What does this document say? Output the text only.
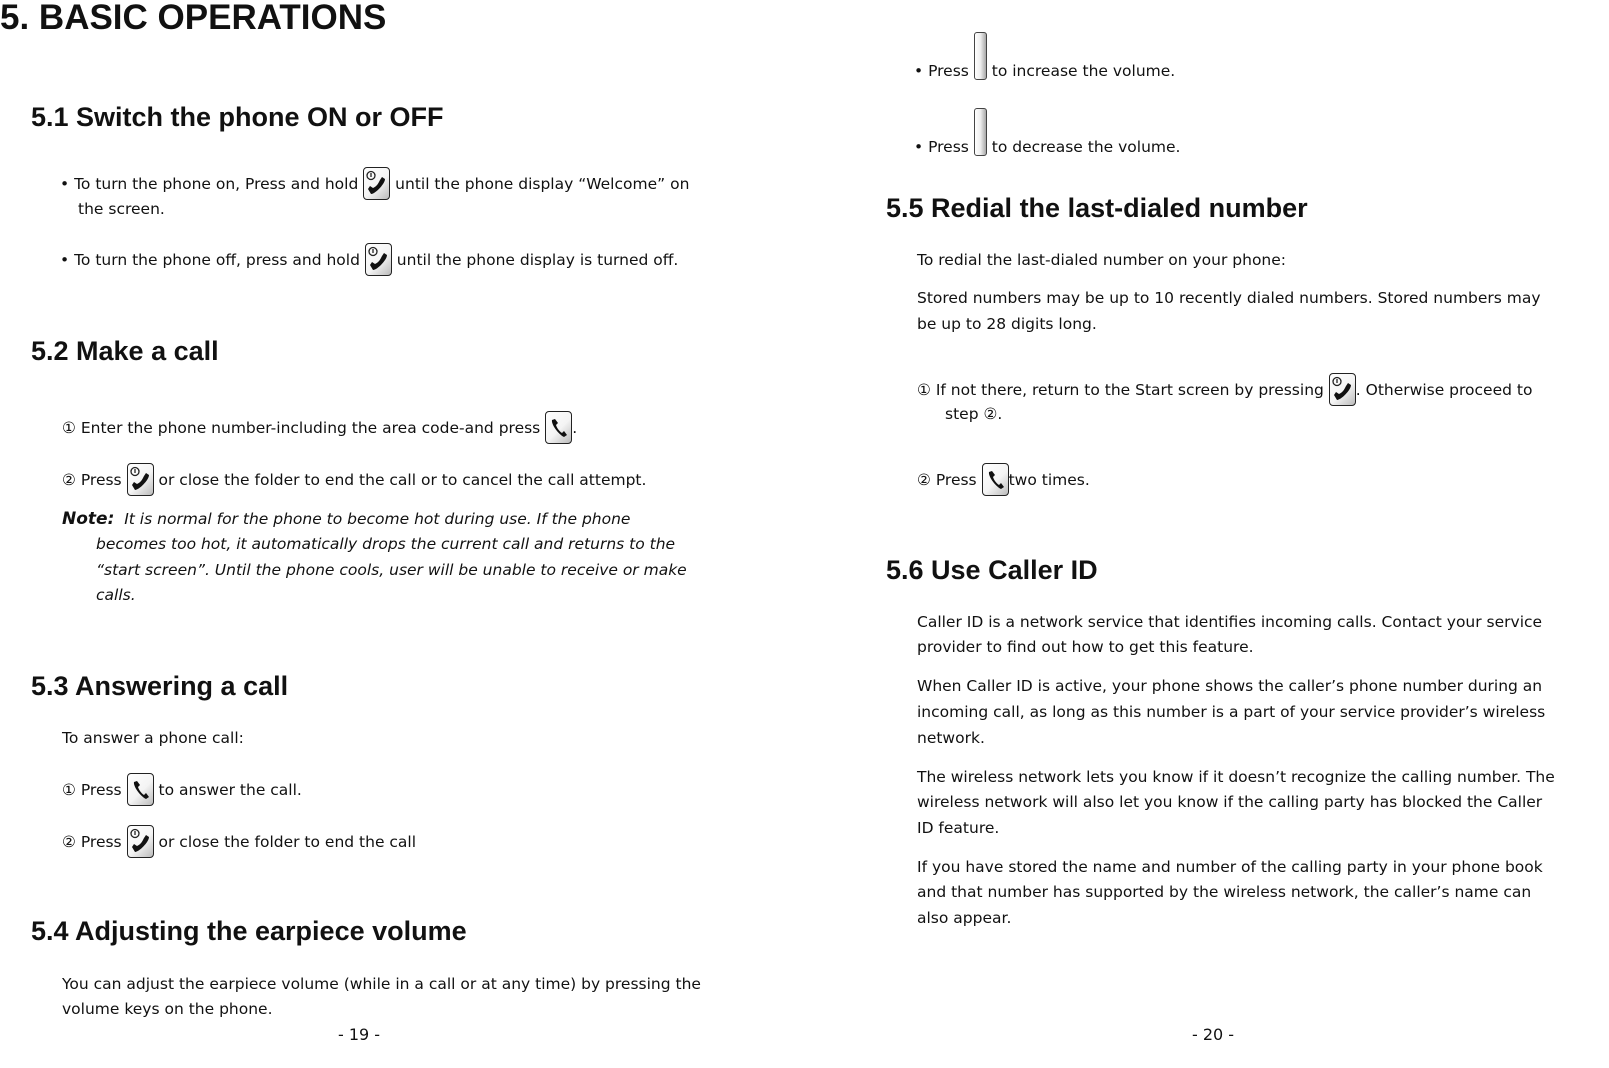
5. BASIC OPERATIONS
5.1 Switch the phone ON or OFF
• To turn the phone on, Press and hold until the phone display “Welcome” on
the screen.
• To turn the phone off, press and hold until the phone display is turned off.
5.2 Make a call
① Enter the phone number-including the area code-and press .
② Press or close the folder to end the call or to cancel the call attempt.
Note: It is normal for the phone to become hot during use. If the phone
becomes too hot, it automatically drops the current call and returns to the
“start screen”. Until the phone cools, user will be unable to receive or make
calls.
5.3 Answering a call
To answer a phone call:
① Press to answer the call.
② Press or close the folder to end the call
5.4 Adjusting the earpiece volume
You can adjust the earpiece volume (while in a call or at any time) by pressing the
volume keys on the phone.
- 19 -
• Press to increase the volume.
• Press to decrease the volume.
5.5 Redial the last-dialed number
To redial the last-dialed number on your phone:
Stored numbers may be up to 10 recently dialed numbers. Stored numbers may
be up to 28 digits long.
① If not there, return to the Start screen by pressing . Otherwise proceed to
step ②.
② Press two times.
5.6 Use Caller ID
Caller ID is a network service that identifies incoming calls. Contact your service
provider to find out how to get this feature.
When Caller ID is active, your phone shows the caller’s phone number during an
incoming call, as long as this number is a part of your service provider’s wireless
network.
The wireless network lets you know if it doesn’t recognize the calling number. The
wireless network will also let you know if the calling party has blocked the Caller
ID feature.
If you have stored the name and number of the calling party in your phone book
and that number has supported by the wireless network, the caller’s name can
also appear.
- 20 -
